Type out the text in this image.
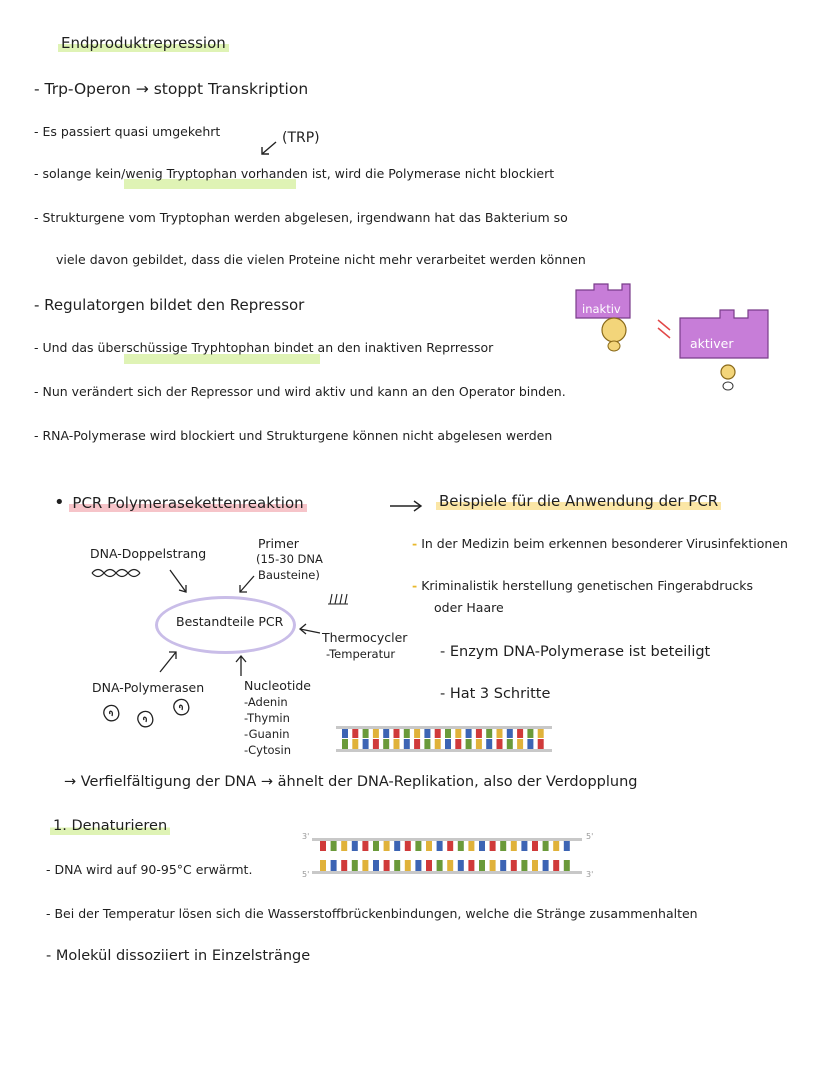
Endproduktrepression
- Trp-Operon → stoppt Transkription
- Es passiert quasi umgekehrt	(TRP)
- solange kein/wenig Tryptophan vorhanden ist, wird die Polymerase nicht blockiert
- Strukturgene vom Tryptophan werden abgelesen, irgendwann hat das Bakterium so
viele davon gebildet, dass die vielen Proteine nicht mehr verarbeitet werden können
- Regulatorgen bildet den Repressor
- Und das überschüssige Tryphtophan bindet an den inaktiven Reprressor
- Nun verändert sich der Repressor und wird aktiv und kann an den Operator binden.
- RNA-Polymerase wird blockiert und Strukturgene können nicht abgelesen werden
inaktiv
aktiver
• PCR Polymerasekettenreaktion	Beispiele für die Anwendung der PCR
- In der Medizin beim erkennen besonderer Virusinfektionen
- Kriminalistik herstellung genetischen Fingerabdrucks
oder Haare
- Enzym DNA-Polymerase ist beteiligt
- Hat 3 Schritte
Bestandteile PCR
DNA-Doppelstrang
Primer
(15-30 DNA
Bausteine)
Thermocycler
-Temperatur
DNA-Polymerasen	Nucleotide
-Adenin
-Thymin
-Guanin
-Cytosin
→ Verfielfältigung der DNA → ähnelt der DNA-Replikation, also der Verdopplung
1. Denaturieren
- DNA wird auf 90-95°C erwärmt.
- Bei der Temperatur lösen sich die Wasserstoffbrückenbindungen, welche die Stränge zusammenhalten
- Molekül dissoziiert in Einzelstränge
3'
5'
5'
3'
